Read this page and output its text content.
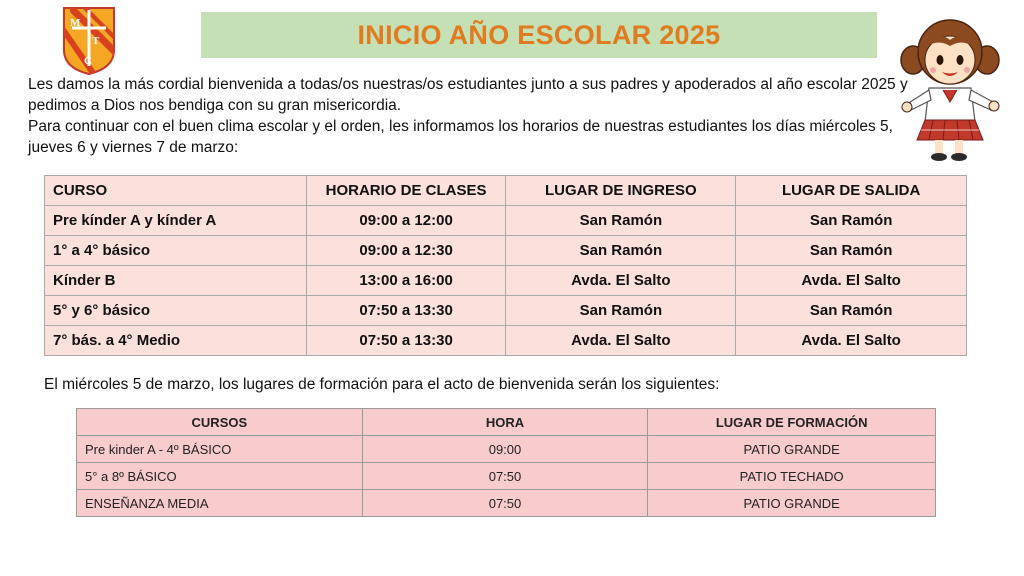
M
T
C
INICIO AÑO ESCOLAR 2025

Les damos la más cordial bienvenida a todas/os nuestras/os estudiantes junto a sus padres y apoderados al año escolar 2025 y pedimos a Dios nos bendiga con su gran misericordia.

Para continuar con el buen clima escolar y el orden, les informamos los horarios de nuestras estudiantes los días miércoles 5, jueves 6 y viernes 7 de marzo:

CURSO	HORARIO DE CLASES	LUGAR DE INGRESO	LUGAR DE SALIDA
Pre kínder A y kínder A	09:00 a 12:00	San Ramón	San Ramón
1° a 4° básico	09:00 a 12:30	San Ramón	San Ramón
Kínder B	13:00 a 16:00	Avda. El Salto	Avda. El Salto
5° y 6° básico	07:50 a 13:30	San Ramón	San Ramón
7° bás. a 4° Medio	07:50 a 13:30	Avda. El Salto	Avda. El Salto
El miércoles 5 de marzo, los lugares de formación para el acto de bienvenida serán los siguientes:
CURSOS	HORA	LUGAR DE FORMACIÓN
Pre kinder A - 4º BÁSICO	09:00	PATIO GRANDE
5° a 8º BÁSICO	07:50	PATIO TECHADO
ENSEÑANZA MEDIA	07:50	PATIO GRANDE
